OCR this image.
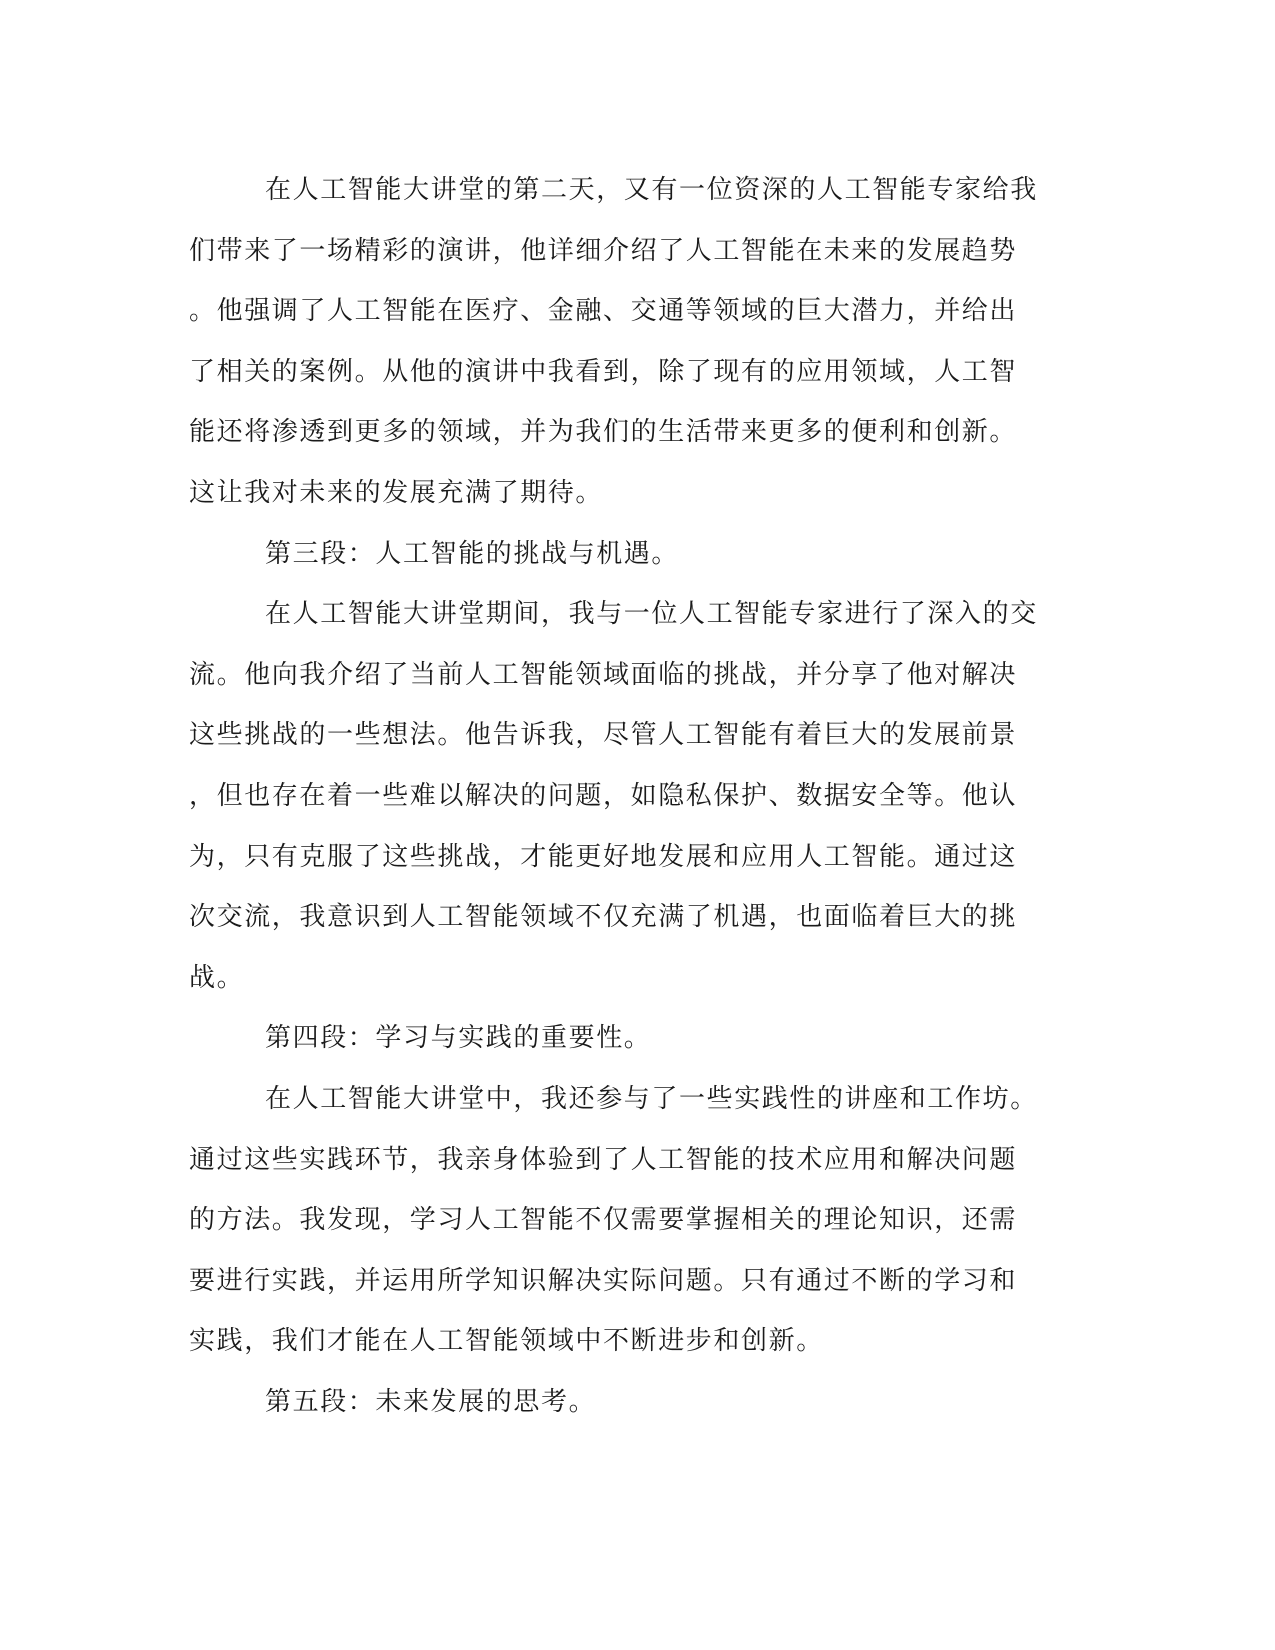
在人工智能大讲堂的第二天，又有一位资深的人工智能专家给我
们带来了一场精彩的演讲，他详细介绍了人工智能在未来的发展趋势
。他强调了人工智能在医疗、金融、交通等领域的巨大潜力，并给出
了相关的案例。从他的演讲中我看到，除了现有的应用领域，人工智
能还将渗透到更多的领域，并为我们的生活带来更多的便利和创新。
这让我对未来的发展充满了期待。
第三段：人工智能的挑战与机遇。
在人工智能大讲堂期间，我与一位人工智能专家进行了深入的交
流。他向我介绍了当前人工智能领域面临的挑战，并分享了他对解决
这些挑战的一些想法。他告诉我，尽管人工智能有着巨大的发展前景
，但也存在着一些难以解决的问题，如隐私保护、数据安全等。他认
为，只有克服了这些挑战，才能更好地发展和应用人工智能。通过这
次交流，我意识到人工智能领域不仅充满了机遇，也面临着巨大的挑
战。
第四段：学习与实践的重要性。
在人工智能大讲堂中，我还参与了一些实践性的讲座和工作坊。
通过这些实践环节，我亲身体验到了人工智能的技术应用和解决问题
的方法。我发现，学习人工智能不仅需要掌握相关的理论知识，还需
要进行实践，并运用所学知识解决实际问题。只有通过不断的学习和
实践，我们才能在人工智能领域中不断进步和创新。
第五段：未来发展的思考。
